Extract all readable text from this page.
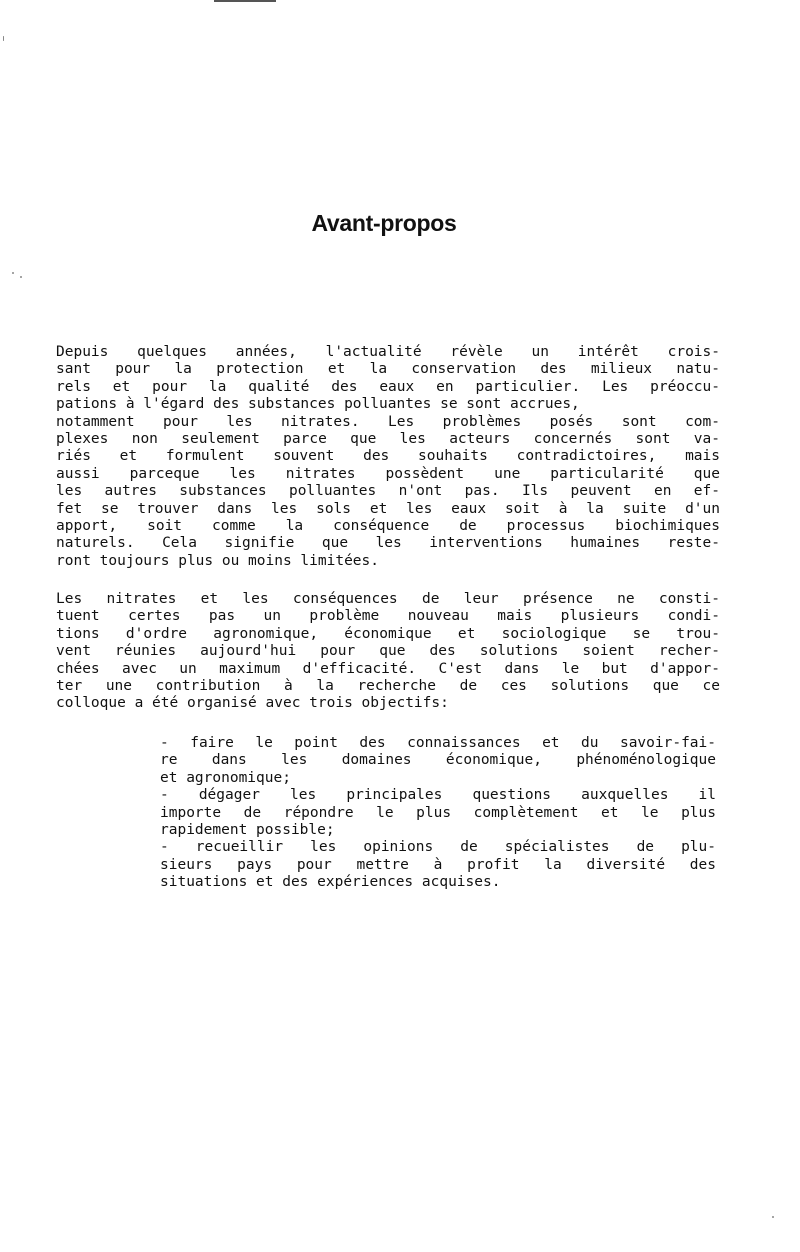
Avant-propos
Depuis quelques années, l'actualité révèle un intérêt crois-
sant pour la protection et la conservation des milieux natu-
rels et pour la qualité des eaux en particulier. Les préoccu-
pations à l'égard des substances polluantes se sont accrues,
notamment pour les nitrates. Les problèmes posés sont com-
plexes non seulement parce que les acteurs concernés sont va-
riés et formulent souvent des souhaits contradictoires, mais
aussi parceque les nitrates possèdent une particularité que
les autres substances polluantes n'ont pas. Ils peuvent en ef-
fet se trouver dans les sols et les eaux soit à la suite d'un
apport, soit comme la conséquence de processus biochimiques
naturels. Cela signifie que les interventions humaines reste-
ront toujours plus ou moins limitées.
Les nitrates et les conséquences de leur présence ne consti-
tuent certes pas un problème nouveau mais plusieurs condi-
tions d'ordre agronomique, économique et sociologique se trou-
vent réunies aujourd'hui pour que des solutions soient recher-
chées avec un maximum d'efficacité. C'est dans le but d'appor-
ter une contribution à la recherche de ces solutions que ce
colloque a été organisé avec trois objectifs:
- faire le point des connaissances et du savoir-fai-
re dans les domaines économique, phénoménologique
et agronomique;
- dégager les principales questions auxquelles il
importe de répondre le plus complètement et le plus
rapidement possible;
- recueillir les opinions de spécialistes de plu-
sieurs pays pour mettre à profit la diversité des
situations et des expériences acquises.
